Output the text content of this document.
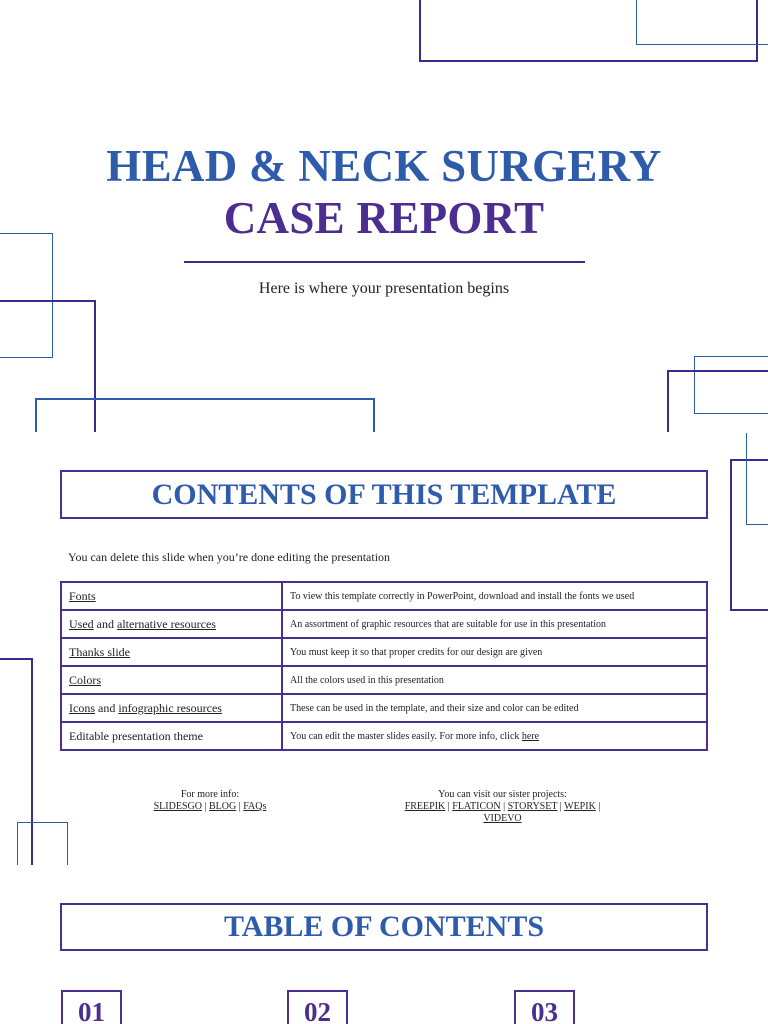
HEAD & NECK SURGERY
CASE REPORT
Here is where your presentation begins
CONTENTS OF THIS TEMPLATE
You can delete this slide when you’re done editing the presentation
Fonts	To view this template correctly in PowerPoint, download and install the fonts we used
Used and alternative resources	An assortment of graphic resources that are suitable for use in this presentation
Thanks slide	You must keep it so that proper credits for our design are given
Colors	All the colors used in this presentation
Icons and infographic resources	These can be used in the template, and their size and color can be edited
Editable presentation theme	You can edit the master slides easily. For more info, click here
For more info:
SLIDESGO | BLOG | FAQs
You can visit our sister projects:
FREEPIK | FLATICON | STORYSET | WEPIK |
VIDEVO
TABLE OF CONTENTS
01	02	03
